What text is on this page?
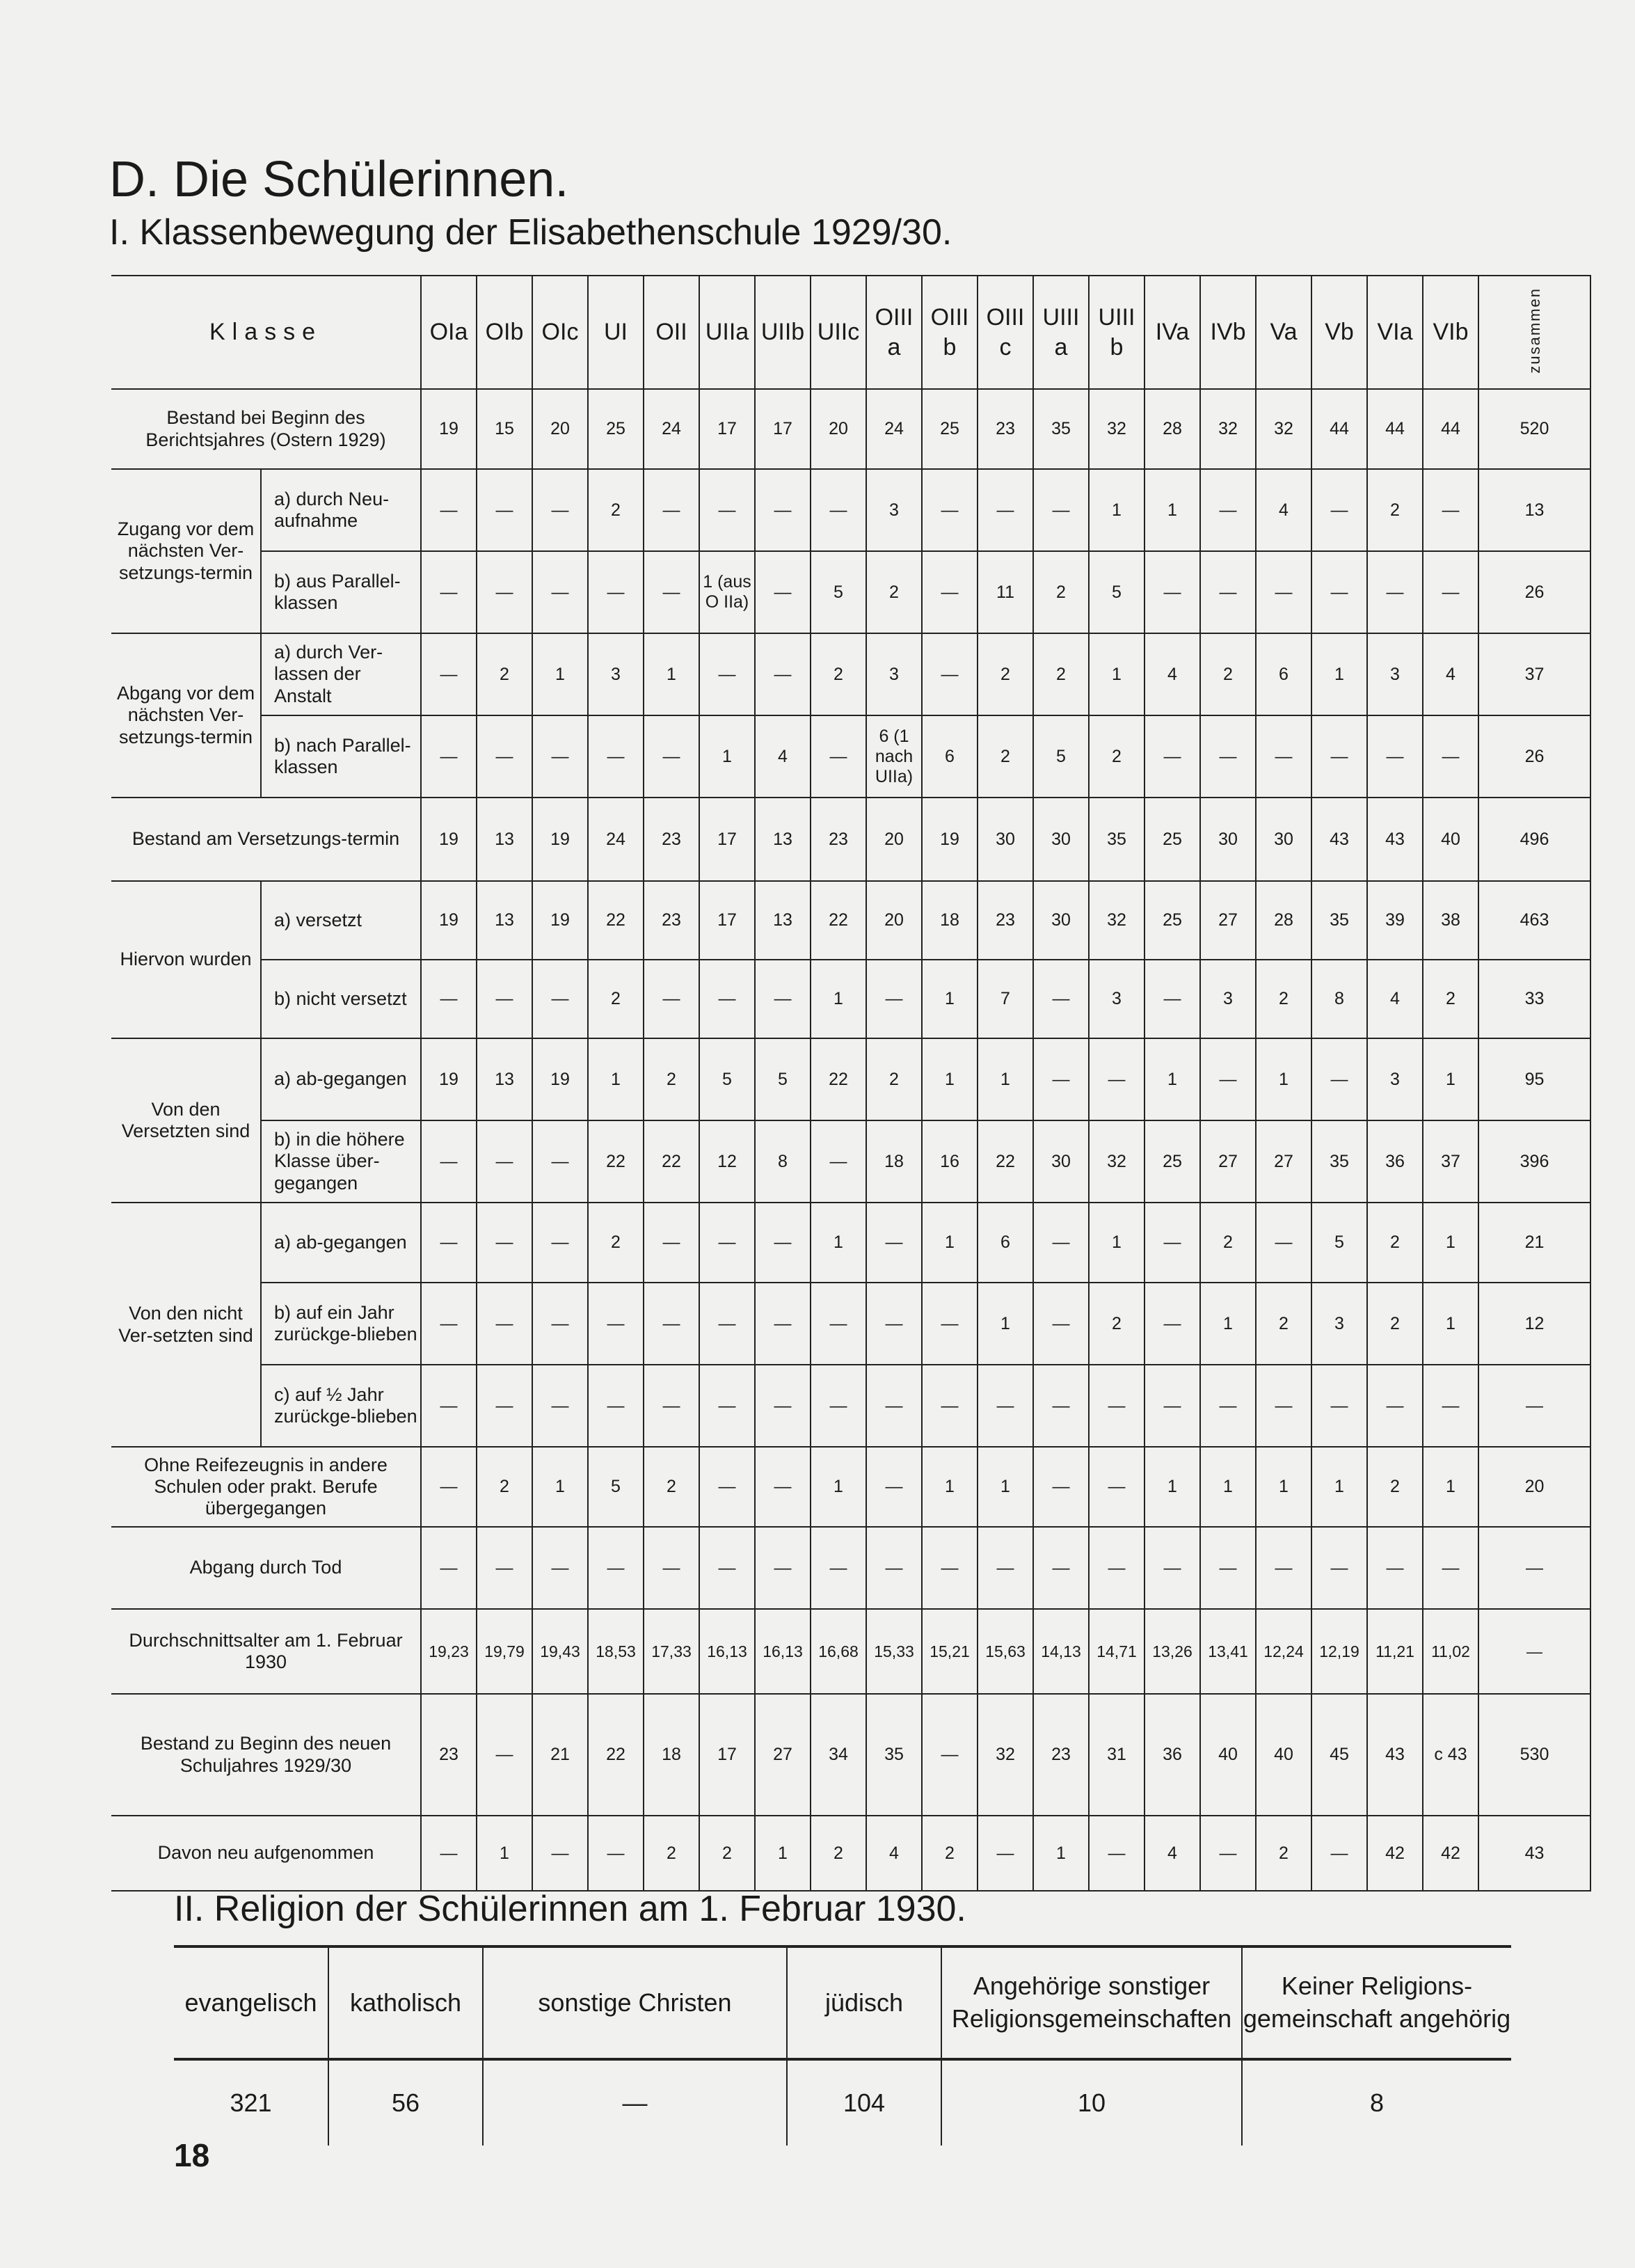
D. Die Schülerinnen.
I. Klassenbewegung der Elisabethenschule 1929/30.
Klasse		OIa	OIb	OIc	UI	OII	UIIa	UIIb	UIIc	OIII a	OIII b	OIII c	UIII a	UIII b	IVa	IVb	Va	Vb	VIa	VIb	zusammen	
Bestand bei Beginn des Berichtsjahres (Ostern 1929)		19	15	20	25	24	17	17	20	24	25	23	35	32	28	32	32	44	44	44	520	
Zugang vor dem nächsten Ver-setzungs-termin	a) durch Neu-aufnahme	—	—	—	2	—	—	—	—	3	—	—	—	1	1	—	4	—	2	—	13	
	b) aus Parallel-klassen	—	—	—	—	—	1 (aus O IIa)	—	5	2	—	11	2	5	—	—	—	—	—	—	26	
Abgang vor dem nächsten Ver-setzungs-termin	a) durch Ver-lassen der Anstalt	—	2	1	3	1	—	—	2	3	—	2	2	1	4	2	6	1	3	4	37	
	b) nach Parallel-klassen	—	—	—	—	—	1	4	—	6 (1 nach UIIa)	6	2	5	2	—	—	—	—	—	—	26	
Bestand am Versetzungs-termin		19	13	19	24	23	17	13	23	20	19	30	30	35	25	30	30	43	43	40	496	
Hiervon wurden	a) versetzt	19	13	19	22	23	17	13	22	20	18	23	30	32	25	27	28	35	39	38	463	
	b) nicht versetzt	—	—	—	2	—	—	—	1	—	1	7	—	3	—	3	2	8	4	2	33	
Von den Versetzten sind	a) ab-gegangen	19	13	19	1	2	5	5	22	2	1	1	—	—	1	—	1	—	3	1	95	
	b) in die höhere Klasse über-gegangen	—	—	—	22	22	12	8	—	18	16	22	30	32	25	27	27	35	36	37	396	
Von den nicht Ver-setzten sind	a) ab-gegangen	—	—	—	2	—	—	—	1	—	1	6	—	1	—	2	—	5	2	1	21	
	b) auf ein Jahr zurückge-blieben	—	—	—	—	—	—	—	—	—	—	1	—	2	—	1	2	3	2	1	12	
	c) auf ½ Jahr zurückge-blieben	—	—	—	—	—	—	—	—	—	—	—	—	—	—	—	—	—	—	—	—	
Ohne Reifezeugnis in andere Schulen oder prakt. Berufe übergegangen		—	2	1	5	2	—	—	1	—	1	1	—	—	1	1	1	1	2	1	20	
Abgang durch Tod		—	—	—	—	—	—	—	—	—	—	—	—	—	—	—	—	—	—	—	—	
Durchschnittsalter am 1. Februar 1930		19,23	19,79	19,43	18,53	17,33	16,13	16,13	16,68	15,33	15,21	15,63	14,13	14,71	13,26	13,41	12,24	12,19	11,21	11,02	—	
Bestand zu Beginn des neuen Schuljahres 1929/30		23	—	21	22	18	17	27	34	35	—	32	23	31	36	40	40	45	43	c 43	530	
Davon neu aufgenommen		—	1	—	—	2	2	1	2	4	2	—	1	—	4	—	2	—	42	42	43	
II. Religion der Schülerinnen am 1. Februar 1930.
evangelisch	katholisch	sonstige Christen	jüdisch	Angehörige sonstiger Religionsgemeinschaften	Keiner Religions-gemeinschaft angehörig
321	56	—	104	10	8
18
